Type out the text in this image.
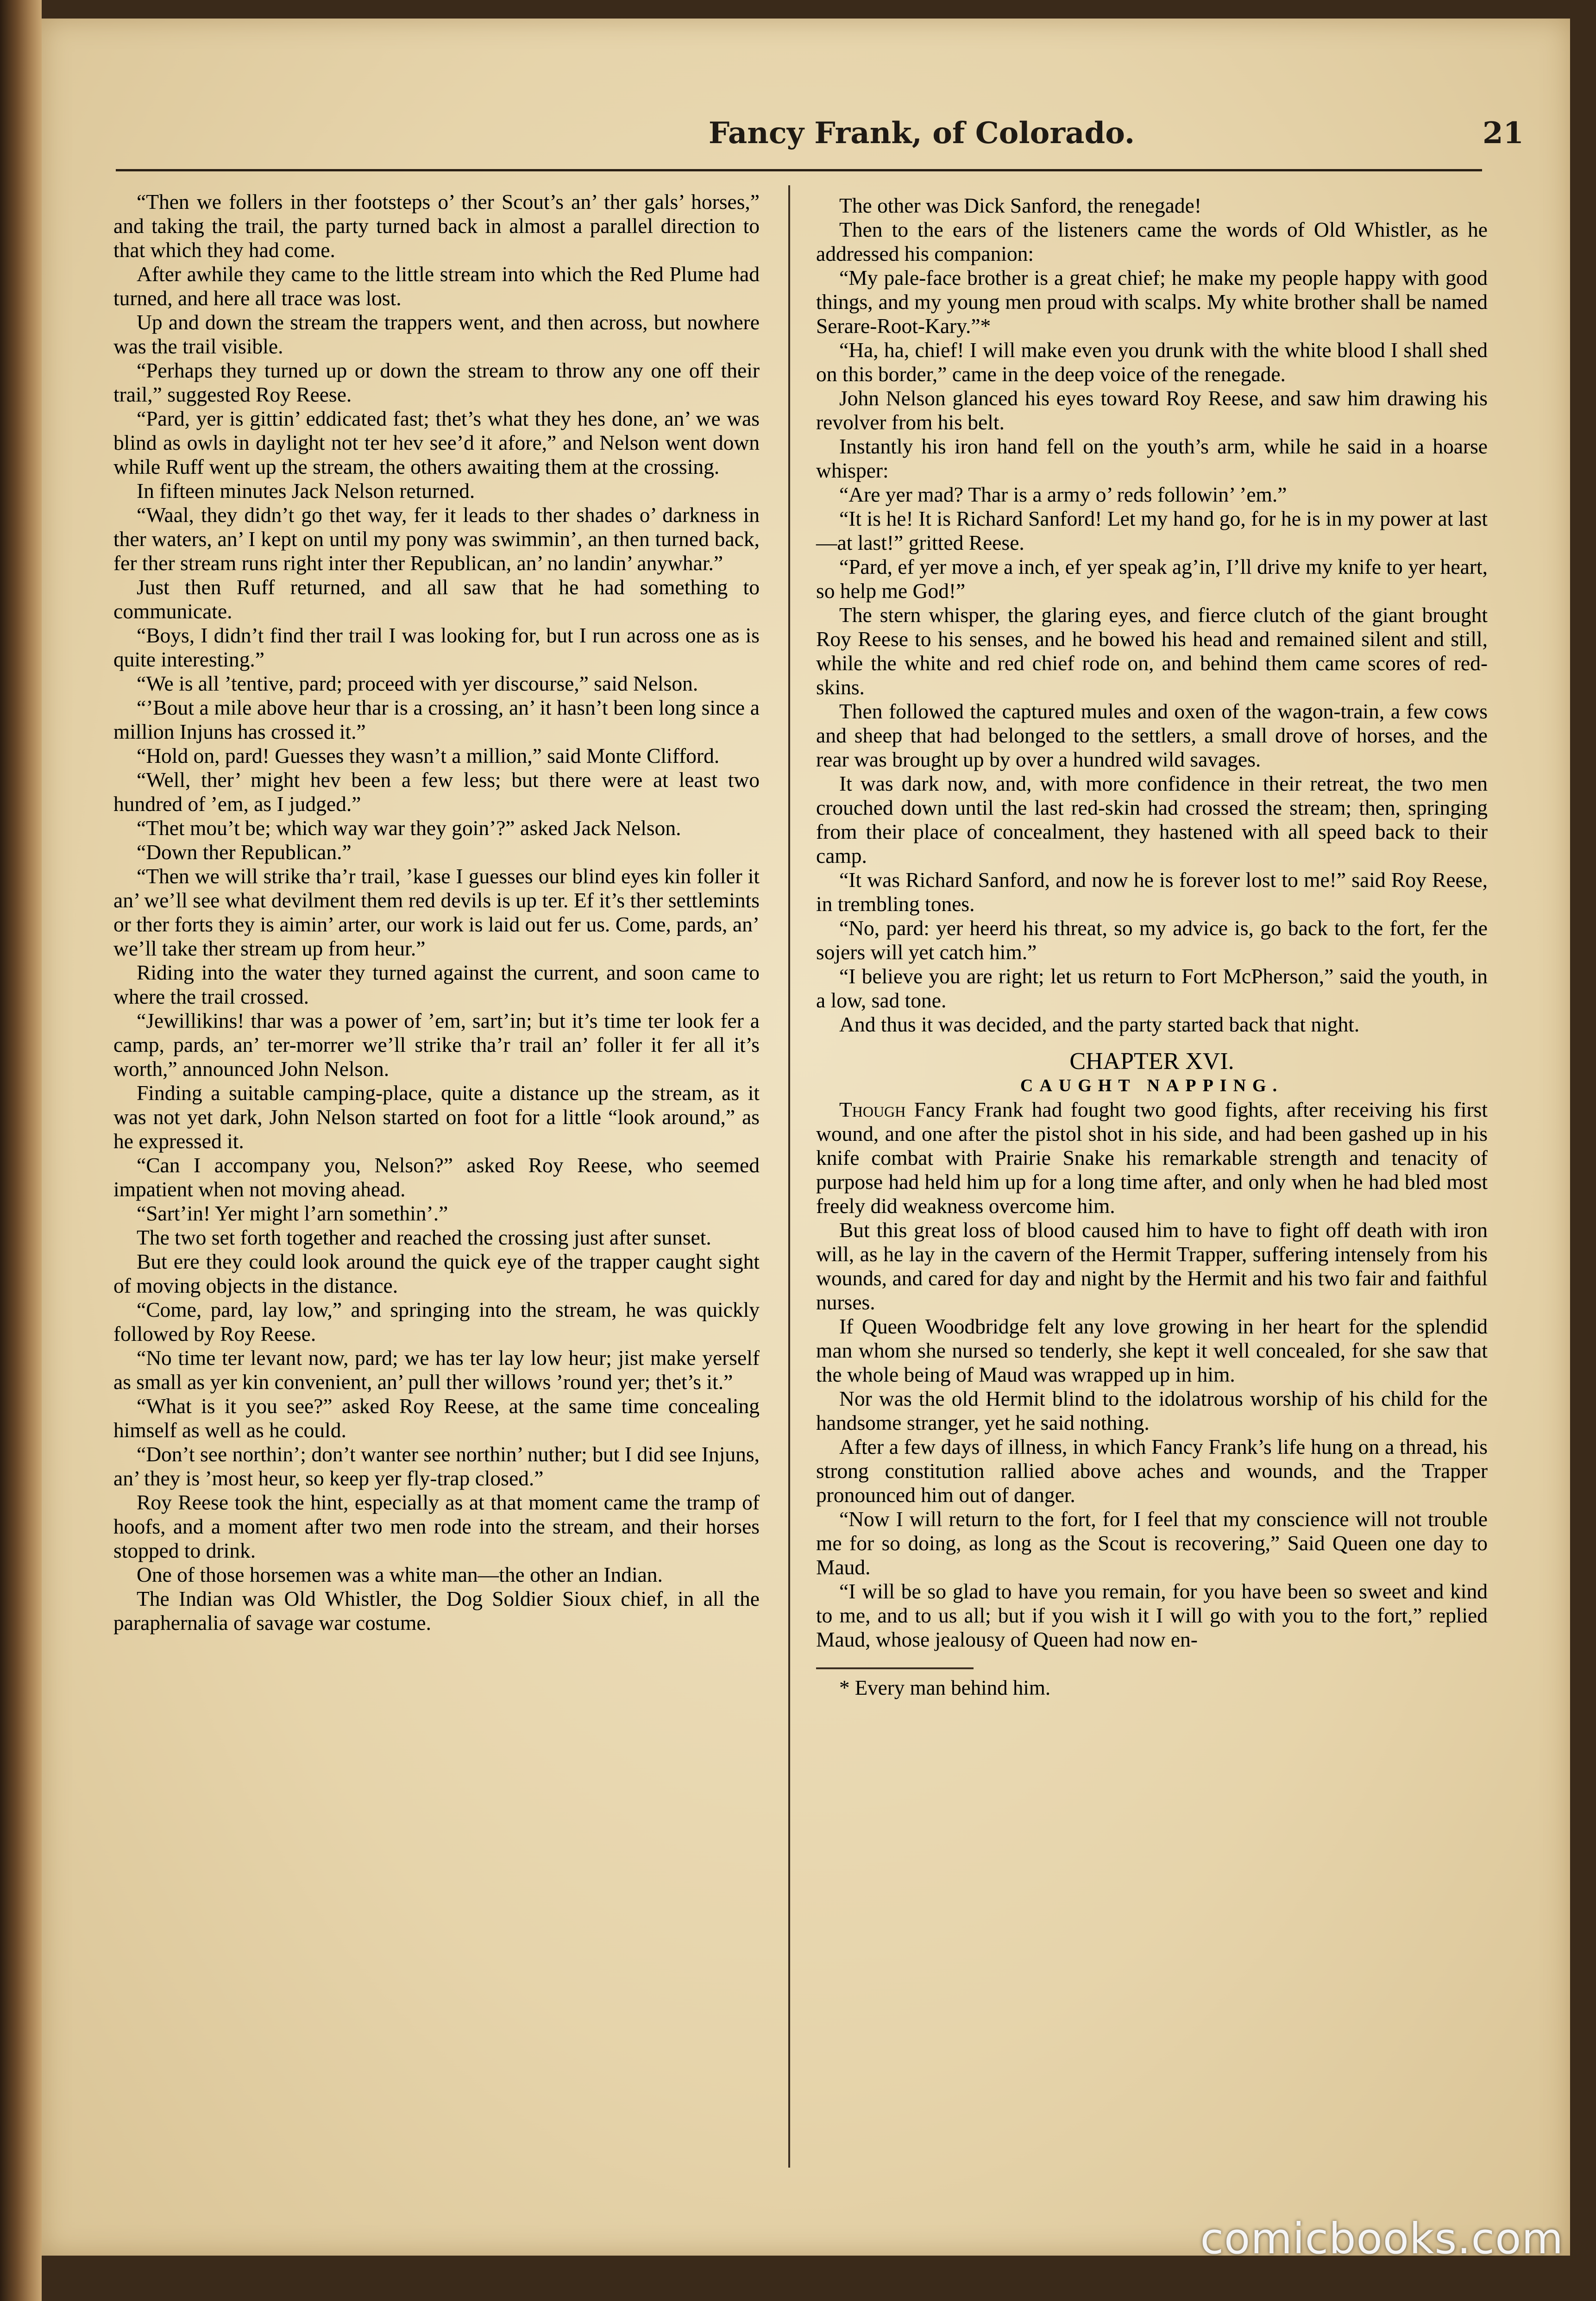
Fancy Frank, of Colorado.	21

“Then we follers in ther footsteps o’ ther Scout’s an’ ther gals’ horses,” and taking the trail, the party turned back in almost a parallel direction to that which they had come.

After awhile they came to the little stream into which the Red Plume had turned, and here all trace was lost.

Up and down the stream the trappers went, and then across, but nowhere was the trail visible.

“Perhaps they turned up or down the stream to throw any one off their trail,” suggested Roy Reese.

“Pard, yer is gittin’ eddicated fast; thet’s what they hes done, an’ we was blind as owls in daylight not ter hev see’d it afore,” and Nelson went down while Ruff went up the stream, the others awaiting them at the crossing.

In fifteen minutes Jack Nelson returned.

“Waal, they didn’t go thet way, fer it leads to ther shades o’ darkness in ther waters, an’ I kept on until my pony was swimmin’, an then turned back, fer ther stream runs right inter ther Republican, an’ no landin’ anywhar.”

Just then Ruff returned, and all saw that he had something to communicate.

“Boys, I didn’t find ther trail I was looking for, but I run across one as is quite interesting.”

“We is all ’tentive, pard; proceed with yer discourse,” said Nelson.

“’Bout a mile above heur thar is a crossing, an’ it hasn’t been long since a million Injuns has crossed it.”

“Hold on, pard! Guesses they wasn’t a million,” said Monte Clifford.

“Well, ther’ might hev been a few less; but there were at least two hundred of ’em, as I judged.”

“Thet mou’t be; which way war they goin’?” asked Jack Nelson.

“Down ther Republican.”

“Then we will strike tha’r trail, ’kase I guesses our blind eyes kin foller it an’ we’ll see what devilment them red devils is up ter. Ef it’s ther settlemints or ther forts they is aimin’ arter, our work is laid out fer us. Come, pards, an’ we’ll take ther stream up from heur.”

Riding into the water they turned against the current, and soon came to where the trail crossed.

“Jewillikins! thar was a power of ’em, sart’in; but it’s time ter look fer a camp, pards, an’ ter-morrer we’ll strike tha’r trail an’ foller it fer all it’s worth,” announced John Nelson.

Finding a suitable camping-place, quite a distance up the stream, as it was not yet dark, John Nelson started on foot for a little “look around,” as he expressed it.

“Can I accompany you, Nelson?” asked Roy Reese, who seemed impatient when not moving ahead.

“Sart’in! Yer might l’arn somethin’.”

The two set forth together and reached the crossing just after sunset.

But ere they could look around the quick eye of the trapper caught sight of moving objects in the distance.

“Come, pard, lay low,” and springing into the stream, he was quickly followed by Roy Reese.

“No time ter levant now, pard; we has ter lay low heur; jist make yerself as small as yer kin convenient, an’ pull ther willows ’round yer; thet’s it.”

“What is it you see?” asked Roy Reese, at the same time concealing himself as well as he could.

“Don’t see northin’; don’t wanter see northin’ nuther; but I did see Injuns, an’ they is ’most heur, so keep yer fly-trap closed.”

Roy Reese took the hint, especially as at that moment came the tramp of hoofs, and a moment after two men rode into the stream, and their horses stopped to drink.

One of those horsemen was a white man—the other an Indian.

The Indian was Old Whistler, the Dog Soldier Sioux chief, in all the paraphernalia of savage war costume.

The other was Dick Sanford, the renegade!

Then to the ears of the listeners came the words of Old Whistler, as he addressed his companion:

“My pale-face brother is a great chief; he make my people happy with good things, and my young men proud with scalps. My white brother shall be named Serare-Root-Kary.”*

“Ha, ha, chief! I will make even you drunk with the white blood I shall shed on this border,” came in the deep voice of the renegade.

John Nelson glanced his eyes toward Roy Reese, and saw him drawing his revolver from his belt.

Instantly his iron hand fell on the youth’s arm, while he said in a hoarse whisper:

“Are yer mad? Thar is a army o’ reds followin’ ’em.”

“It is he! It is Richard Sanford! Let my hand go, for he is in my power at last—at last!” gritted Reese.

“Pard, ef yer move a inch, ef yer speak ag’in, I’ll drive my knife to yer heart, so help me God!”

The stern whisper, the glaring eyes, and fierce clutch of the giant brought Roy Reese to his senses, and he bowed his head and remained silent and still, while the white and red chief rode on, and behind them came scores of red-skins.

Then followed the captured mules and oxen of the wagon-train, a few cows and sheep that had belonged to the settlers, a small drove of horses, and the rear was brought up by over a hundred wild savages.

It was dark now, and, with more confidence in their retreat, the two men crouched down until the last red-skin had crossed the stream; then, springing from their place of concealment, they hastened with all speed back to their camp.

“It was Richard Sanford, and now he is forever lost to me!” said Roy Reese, in trembling tones.

“No, pard: yer heerd his threat, so my advice is, go back to the fort, fer the sojers will yet catch him.”

“I believe you are right; let us return to Fort McPherson,” said the youth, in a low, sad tone.

And thus it was decided, and the party started back that night.

CHAPTER XVI.
CAUGHT NAPPING.

Though Fancy Frank had fought two good fights, after receiving his first wound, and one after the pistol shot in his side, and had been gashed up in his knife combat with Prairie Snake his remarkable strength and tenacity of purpose had held him up for a long time after, and only when he had bled most freely did weakness overcome him.

But this great loss of blood caused him to have to fight off death with iron will, as he lay in the cavern of the Hermit Trapper, suffering intensely from his wounds, and cared for day and night by the Hermit and his two fair and faithful nurses.

If Queen Woodbridge felt any love growing in her heart for the splendid man whom she nursed so tenderly, she kept it well concealed, for she saw that the whole being of Maud was wrapped up in him.

Nor was the old Hermit blind to the idolatrous worship of his child for the handsome stranger, yet he said nothing.

After a few days of illness, in which Fancy Frank’s life hung on a thread, his strong constitution rallied above aches and wounds, and the Trapper pronounced him out of danger.

“Now I will return to the fort, for I feel that my conscience will not trouble me for so doing, as long as the Scout is recovering,” Said Queen one day to Maud.

“I will be so glad to have you remain, for you have been so sweet and kind to me, and to us all; but if you wish it I will go with you to the fort,” replied Maud, whose jealousy of Queen had now en-

* Every man behind him.

comicbooks.com
